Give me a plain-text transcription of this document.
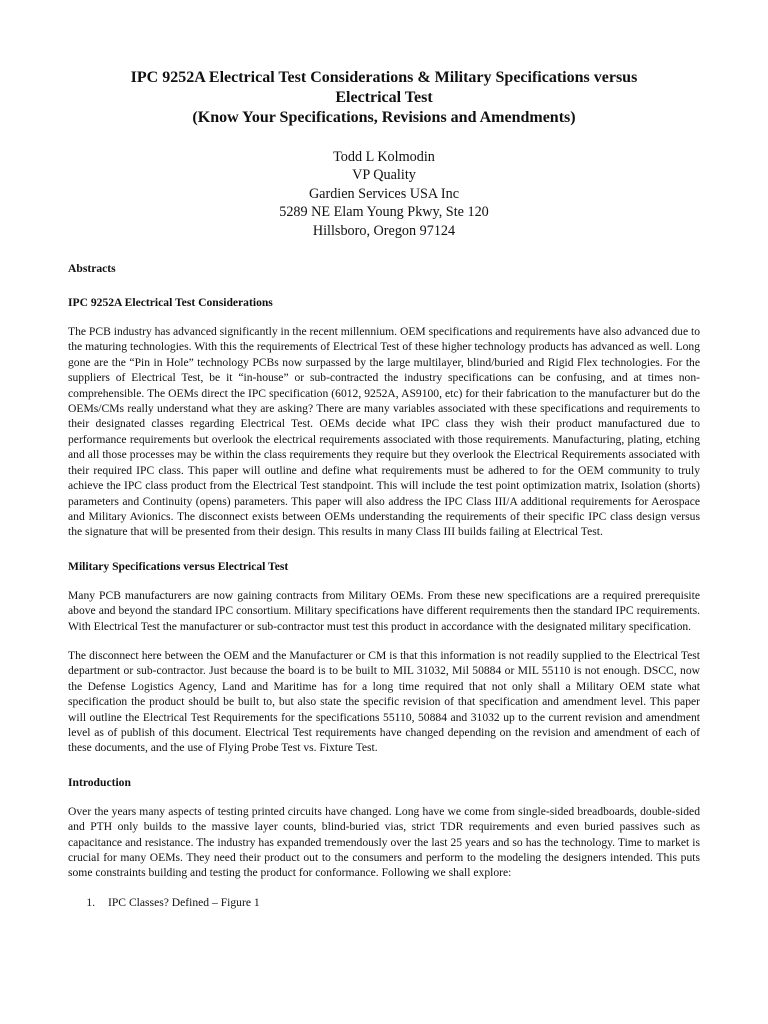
IPC 9252A Electrical Test Considerations & Military Specifications versus

Electrical Test

(Know Your Specifications, Revisions and Amendments)

Todd L Kolmodin
VP Quality
Gardien Services USA Inc
5289 NE Elam Young Pkwy, Ste 120
Hillsboro, Oregon 97124
Abstracts
IPC 9252A Electrical Test Considerations

The PCB industry has advanced significantly in the recent millennium. OEM specifications and requirements have also advanced due to the maturing technologies. With this the requirements of Electrical Test of these higher technology products has advanced as well. Long gone are the “Pin in Hole” technology PCBs now surpassed by the large multilayer, blind/buried and Rigid Flex technologies. For the suppliers of Electrical Test, be it “in-house” or sub-contracted the industry specifications can be confusing, and at times non-comprehensible. The OEMs direct the IPC specification (6012, 9252A, AS9100, etc) for their fabrication to the manufacturer but do the OEMs/CMs really understand what they are asking? There are many variables associated with these specifications and requirements to their designated classes regarding Electrical Test. OEMs decide what IPC class they wish their product manufactured due to performance requirements but overlook the electrical requirements associated with those requirements. Manufacturing, plating, etching and all those processes may be within the class requirements they require but they overlook the Electrical Requirements associated with their required IPC class. This paper will outline and define what requirements must be adhered to for the OEM community to truly achieve the IPC class product from the Electrical Test standpoint. This will include the test point optimization matrix, Isolation (shorts) parameters and Continuity (opens) parameters. This paper will also address the IPC Class III/A additional requirements for Aerospace and Military Avionics. The disconnect exists between OEMs understanding the requirements of their specific IPC class design versus the signature that will be presented from their design. This results in many Class III builds failing at Electrical Test.

Military Specifications versus Electrical Test

Many PCB manufacturers are now gaining contracts from Military OEMs. From these new specifications are a required prerequisite above and beyond the standard IPC consortium. Military specifications have different requirements then the standard IPC requirements. With Electrical Test the manufacturer or sub-contractor must test this product in accordance with the designated military specification.

The disconnect here between the OEM and the Manufacturer or CM is that this information is not readily supplied to the Electrical Test department or sub-contractor. Just because the board is to be built to MIL 31032, Mil 50884 or MIL 55110 is not enough. DSCC, now the Defense Logistics Agency, Land and Maritime has for a long time required that not only shall a Military OEM state what specification the product should be built to, but also state the specific revision of that specification and amendment level. This paper will outline the Electrical Test Requirements for the specifications 55110, 50884 and 31032 up to the current revision and amendment level as of publish of this document. Electrical Test requirements have changed depending on the revision and amendment of each of these documents, and the use of Flying Probe Test vs. Fixture Test.

Introduction

Over the years many aspects of testing printed circuits have changed. Long have we come from single-sided breadboards, double-sided and PTH only builds to the massive layer counts, blind-buried vias, strict TDR requirements and even buried passives such as capacitance and resistance. The industry has expanded tremendously over the last 25 years and so has the technology. Time to market is crucial for many OEMs. They need their product out to the consumers and perform to the modeling the designers intended. This puts some constraints building and testing the product for conformance. Following we shall explore:

1. IPC Classes? Defined – Figure 1
